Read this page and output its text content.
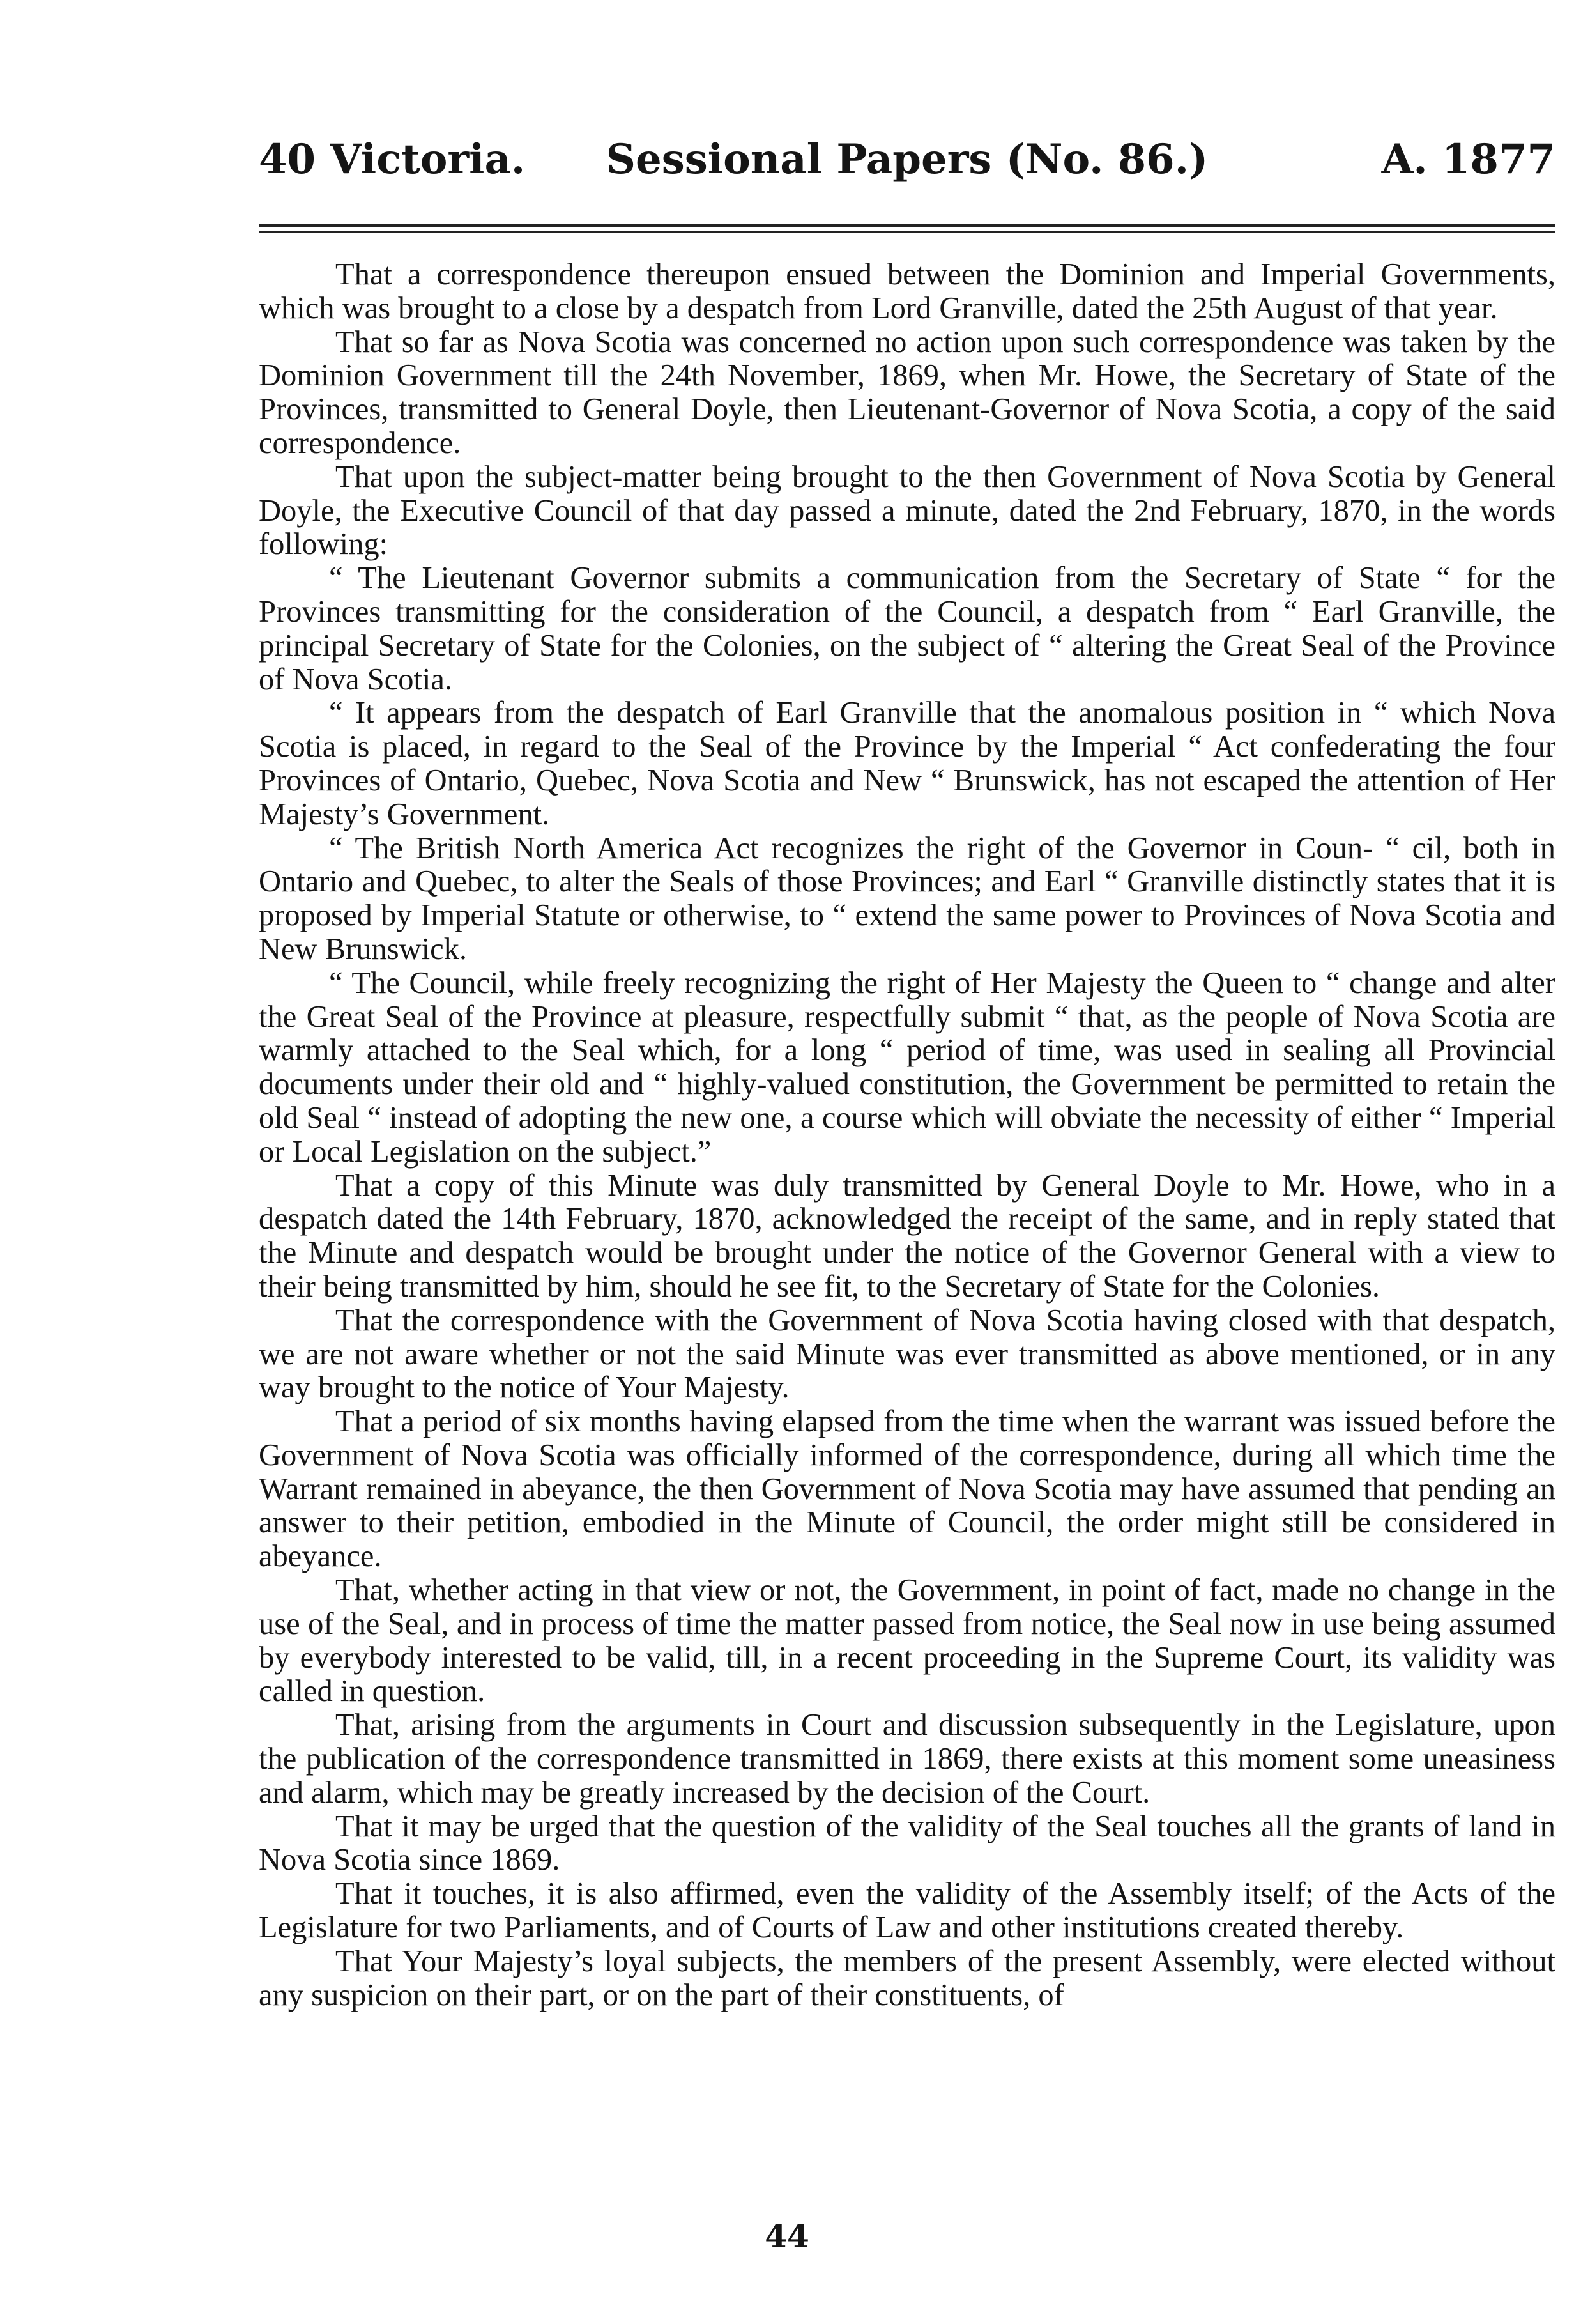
40 Victoria.	Sessional Papers (No. 86.)	A. 1877

That a correspondence thereupon ensued between the Dominion and Imperial Governments, which was brought to a close by a despatch from Lord Granville, dated the 25th August of that year.

That so far as Nova Scotia was concerned no action upon such correspondence was taken by the Dominion Government till the 24th November, 1869, when Mr. Howe, the Secretary of State of the Provinces, transmitted to General Doyle, then Lieutenant-Governor of Nova Scotia, a copy of the said correspondence.

That upon the subject-matter being brought to the then Government of Nova Scotia by General Doyle, the Executive Council of that day passed a minute, dated the 2nd February, 1870, in the words following:

“ The Lieutenant Governor submits a communication from the Secretary of State “ for the Provinces transmitting for the consideration of the Council, a despatch from “ Earl Granville, the principal Secretary of State for the Colonies, on the subject of “ altering the Great Seal of the Province of Nova Scotia.

“ It appears from the despatch of Earl Granville that the anomalous position in “ which Nova Scotia is placed, in regard to the Seal of the Province by the Imperial “ Act confederating the four Provinces of Ontario, Quebec, Nova Scotia and New “ Brunswick, has not escaped the attention of Her Majesty’s Government.

“ The British North America Act recognizes the right of the Governor in Coun- “ cil, both in Ontario and Quebec, to alter the Seals of those Provinces; and Earl “ Granville distinctly states that it is proposed by Imperial Statute or otherwise, to “ extend the same power to Provinces of Nova Scotia and New Brunswick.

“ The Council, while freely recognizing the right of Her Majesty the Queen to “ change and alter the Great Seal of the Province at pleasure, respectfully submit “ that, as the people of Nova Scotia are warmly attached to the Seal which, for a long “ period of time, was used in sealing all Provincial documents under their old and “ highly-valued constitution, the Government be permitted to retain the old Seal “ instead of adopting the new one, a course which will obviate the necessity of either “ Imperial or Local Legislation on the subject.”

That a copy of this Minute was duly transmitted by General Doyle to Mr. Howe, who in a despatch dated the 14th February, 1870, acknowledged the receipt of the same, and in reply stated that the Minute and despatch would be brought under the notice of the Governor General with a view to their being transmitted by him, should he see fit, to the Secretary of State for the Colonies.

That the correspondence with the Government of Nova Scotia having closed with that despatch, we are not aware whether or not the said Minute was ever transmitted as above mentioned, or in any way brought to the notice of Your Majesty.

That a period of six months having elapsed from the time when the warrant was issued before the Government of Nova Scotia was officially informed of the correspondence, during all which time the Warrant remained in abeyance, the then Government of Nova Scotia may have assumed that pending an answer to their petition, embodied in the Minute of Council, the order might still be considered in abeyance.

That, whether acting in that view or not, the Government, in point of fact, made no change in the use of the Seal, and in process of time the matter passed from notice, the Seal now in use being assumed by everybody interested to be valid, till, in a recent proceeding in the Supreme Court, its validity was called in question.

That, arising from the arguments in Court and discussion subsequently in the Legislature, upon the publication of the correspondence transmitted in 1869, there exists at this moment some uneasiness and alarm, which may be greatly increased by the decision of the Court.

That it may be urged that the question of the validity of the Seal touches all the grants of land in Nova Scotia since 1869.

That it touches, it is also affirmed, even the validity of the Assembly itself; of the Acts of the Legislature for two Parliaments, and of Courts of Law and other institutions created thereby.

That Your Majesty’s loyal subjects, the members of the present Assembly, were elected without any suspicion on their part, or on the part of their constituents, of

44
